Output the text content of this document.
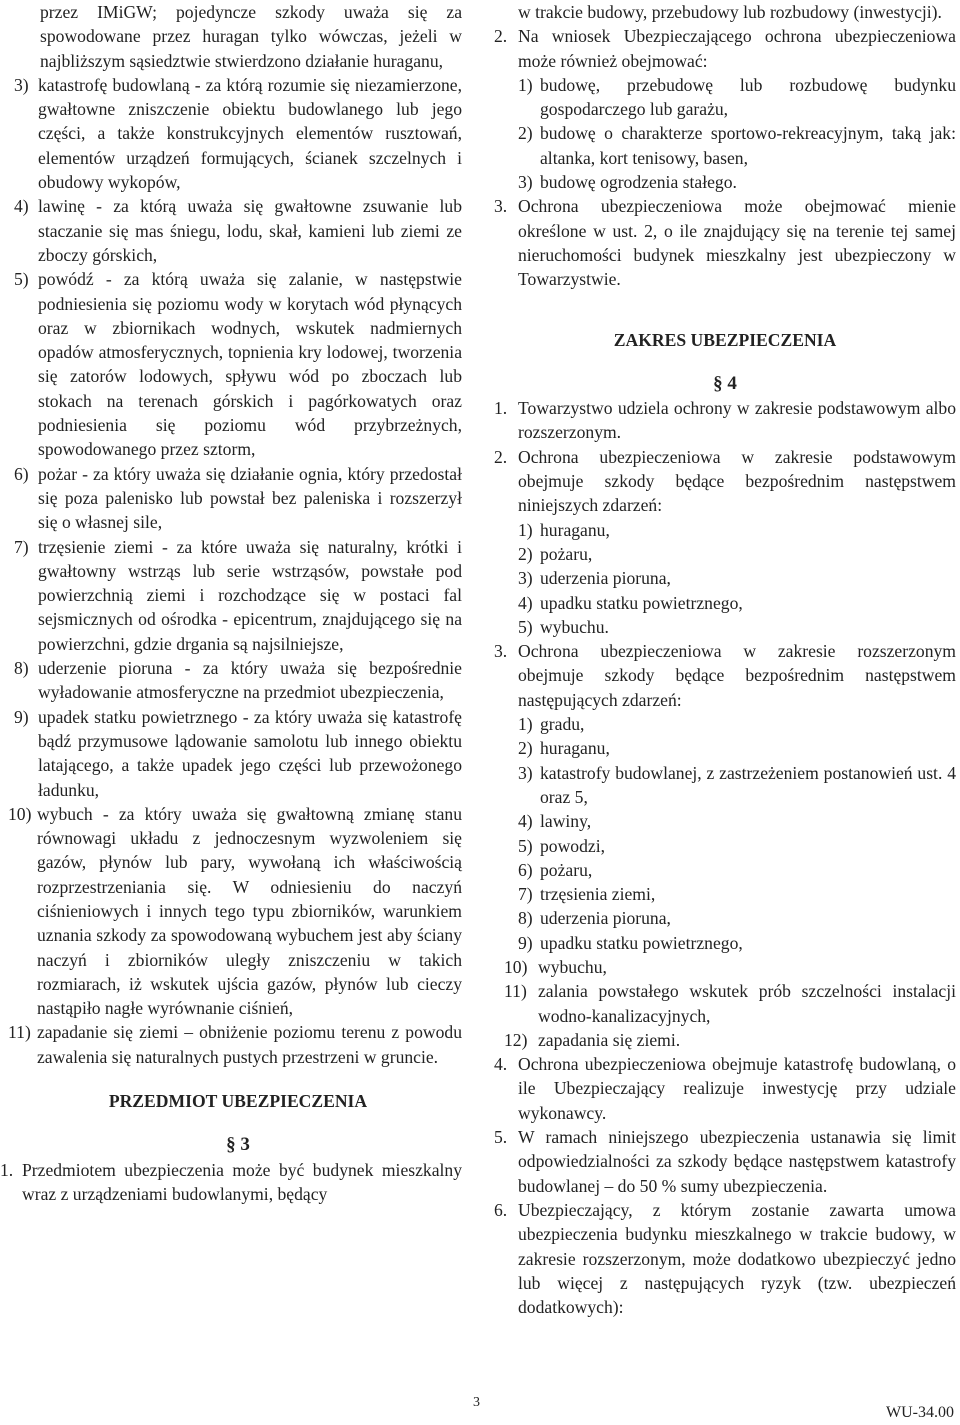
przez IMiGW; pojedyncze szkody uważa się za spowodowane przez huragan tylko wówczas, jeżeli w najbliższym sąsiedztwie stwierdzono działanie huraganu,

3) katastrofę budowlaną - za którą rozumie się niezamierzone, gwałtowne zniszczenie obiektu budowlanego lub jego części, a także konstrukcyjnych elementów rusztowań, elementów urządzeń formujących, ścianek szczelnych i obudowy wykopów,
4) lawinę - za którą uważa się gwałtowne zsuwanie lub staczanie się mas śniegu, lodu, skał, kamieni lub ziemi ze zboczy górskich,
5) powódź - za którą uważa się zalanie, w następstwie podniesienia się poziomu wody w korytach wód płynących oraz w zbiornikach wodnych, wskutek nadmiernych opadów atmosferycznych, topnienia kry lodowej, tworzenia się zatorów lodowych, spływu wód po zboczach lub stokach na terenach górskich i pagórkowatych oraz podniesienia się poziomu wód przybrzeżnych, spowodowanego przez sztorm,
6) pożar - za który uważa się działanie ognia, który przedostał się poza palenisko lub powstał bez paleniska i rozszerzył się o własnej sile,
7) trzęsienie ziemi - za które uważa się naturalny, krótki i gwałtowny wstrząs lub serie wstrząsów, powstałe pod powierzchnią ziemi i rozchodzące się w postaci fal sejsmicznych od ośrodka - epicentrum, znajdującego się na powierzchni, gdzie drgania są najsilniejsze,
8) uderzenie pioruna - za który uważa się bezpośrednie wyładowanie atmosferyczne na przedmiot ubezpieczenia,
9) upadek statku powietrznego - za który uważa się katastrofę bądź przymusowe lądowanie samolotu lub innego obiektu latającego, a także upadek jego części lub przewożonego ładunku,
10) wybuch - za który uważa się gwałtowną zmianę stanu równowagi układu z jednoczesnym wyzwoleniem się gazów, płynów lub pary, wywołaną ich właściwością rozprzestrzeniania się. W odniesieniu do naczyń ciśnieniowych i innych tego typu zbiorników, warunkiem uznania szkody za spowodowaną wybuchem jest aby ściany naczyń i zbiorników uległy zniszczeniu w takich rozmiarach, iż wskutek ujścia gazów, płynów lub cieczy nastąpiło nagłe wyrównanie ciśnień,
11) zapadanie się ziemi – obniżenie poziomu terenu z powodu zawalenia się naturalnych pustych przestrzeni w gruncie.

PRZEDMIOT UBEZPIECZENIA

§ 3

1. Przedmiotem ubezpieczenia może być budynek mieszkalny wraz z urządzeniami budowlanymi, będący

w trakcie budowy, przebudowy lub rozbudowy (inwestycji).

2. Na wniosek Ubezpieczającego ochrona ubezpieczeniowa może również obejmować:
1) budowę, przebudowę lub rozbudowę budynku gospodarczego lub garażu,
2) budowę o charakterze sportowo-rekreacyjnym, taką jak: altanka, kort tenisowy, basen,
3) budowę ogrodzenia stałego.
3. Ochrona ubezpieczeniowa może obejmować mienie określone w ust. 2, o ile znajdujący się na terenie tej samej nieruchomości budynek mieszkalny jest ubezpieczony w Towarzystwie.

ZAKRES UBEZPIECZENIA

§ 4

1. Towarzystwo udziela ochrony w zakresie podstawowym albo rozszerzonym.
2. Ochrona ubezpieczeniowa w zakresie podstawowym obejmuje szkody będące bezpośrednim następstwem niniejszych zdarzeń:
1) huraganu,
2) pożaru,
3) uderzenia pioruna,
4) upadku statku powietrznego,
5) wybuchu.
3. Ochrona ubezpieczeniowa w zakresie rozszerzonym obejmuje szkody będące bezpośrednim następstwem następujących zdarzeń:
1) gradu,
2) huraganu,
3) katastrofy budowlanej, z zastrzeżeniem postanowień ust. 4 oraz 5,
4) lawiny,
5) powodzi,
6) pożaru,
7) trzęsienia ziemi,
8) uderzenia pioruna,
9) upadku statku powietrznego,
10) wybuchu,
11) zalania powstałego wskutek prób szczelności instalacji wodno-kanalizacyjnych,
12) zapadania się ziemi.
4. Ochrona ubezpieczeniowa obejmuje katastrofę budowlaną, o ile Ubezpieczający realizuje inwestycję przy udziale wykonawcy.
5. W ramach niniejszego ubezpieczenia ustanawia się limit odpowiedzialności za szkody będące następstwem katastrofy budowlanej – do 50 % sumy ubezpieczenia.
6. Ubezpieczający, z którym zostanie zawarta umowa ubezpieczenia budynku mieszkalnego w trakcie budowy, w zakresie rozszerzonym, może dodatkowo ubezpieczyć jedno lub więcej z następujących ryzyk (tzw. ubezpieczeń dodatkowych):
3
WU-34.00
